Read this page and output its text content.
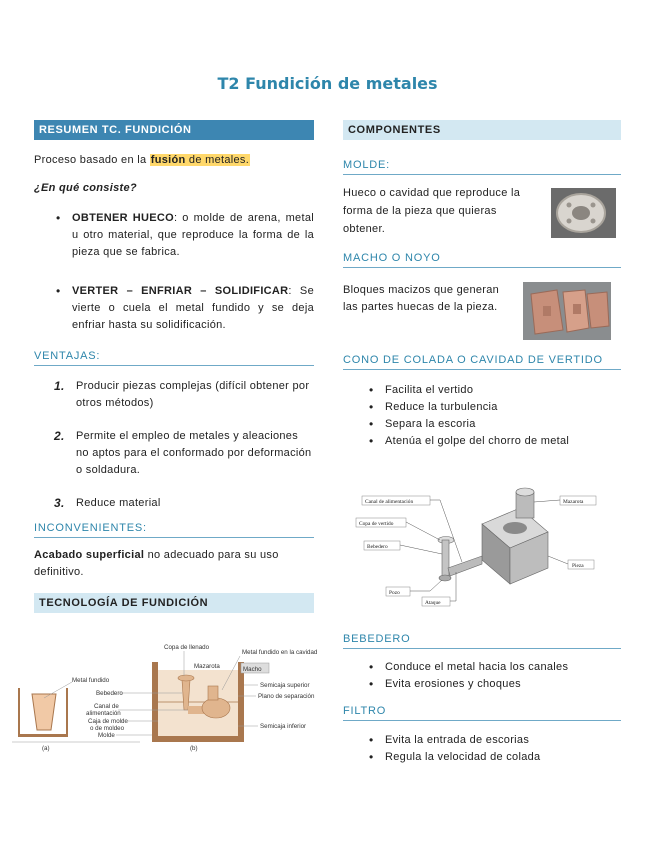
T2 Fundición de metales
RESUMEN TC. FUNDICIÓN

Proceso basado en la fusión de metales.

¿En qué consiste?

• OBTENER HUECO: o molde de arena, metal u otro material, que reproduce la forma de la pieza que se fabrica.
• VERTER – ENFRIAR – SOLIDIFICAR: Se vierte o cuela el metal fundido y se deja enfriar hasta su solidificación.
VENTAJAS:
1. Producir piezas complejas (difícil obtener por otros métodos)
2. Permite el empleo de metales y aleaciones no aptos para el conformado por deformación o soldadura.
3. Reduce material
INCONVENIENTES:

Acabado superficial no adecuado para su uso definitivo.

TECNOLOGÍA DE FUNDICIÓN
Metal fundido
(a)
Macho
Copa de llenado
Metal fundido en la cavidad
Mazarota
Semicaja superior
Bebedero	Plano de separación
Canal de
alimentación
Caja de molde
o de moldeo	Semicaja inferior
Molde
(b)
COMPONENTES
MOLDE:

Hueco o cavidad que reproduce la forma de la pieza que quieras obtener.

MACHO O NOYO

Bloques macizos que generan las partes huecas de la pieza.

CONO DE COLADA O CAVIDAD DE VERTIDO
• Facilita el vertido
• Reduce la turbulencia
• Separa la escoria
• Atenúa el golpe del chorro de metal
Canal de alimentación
Copa de vertido
Bebedero
Pozo
Ataque
Mazarota
Pieza
BEBEDERO
• Conduce el metal hacia los canales
• Evita erosiones y choques
FILTRO
• Evita la entrada de escorias
• Regula la velocidad de colada
